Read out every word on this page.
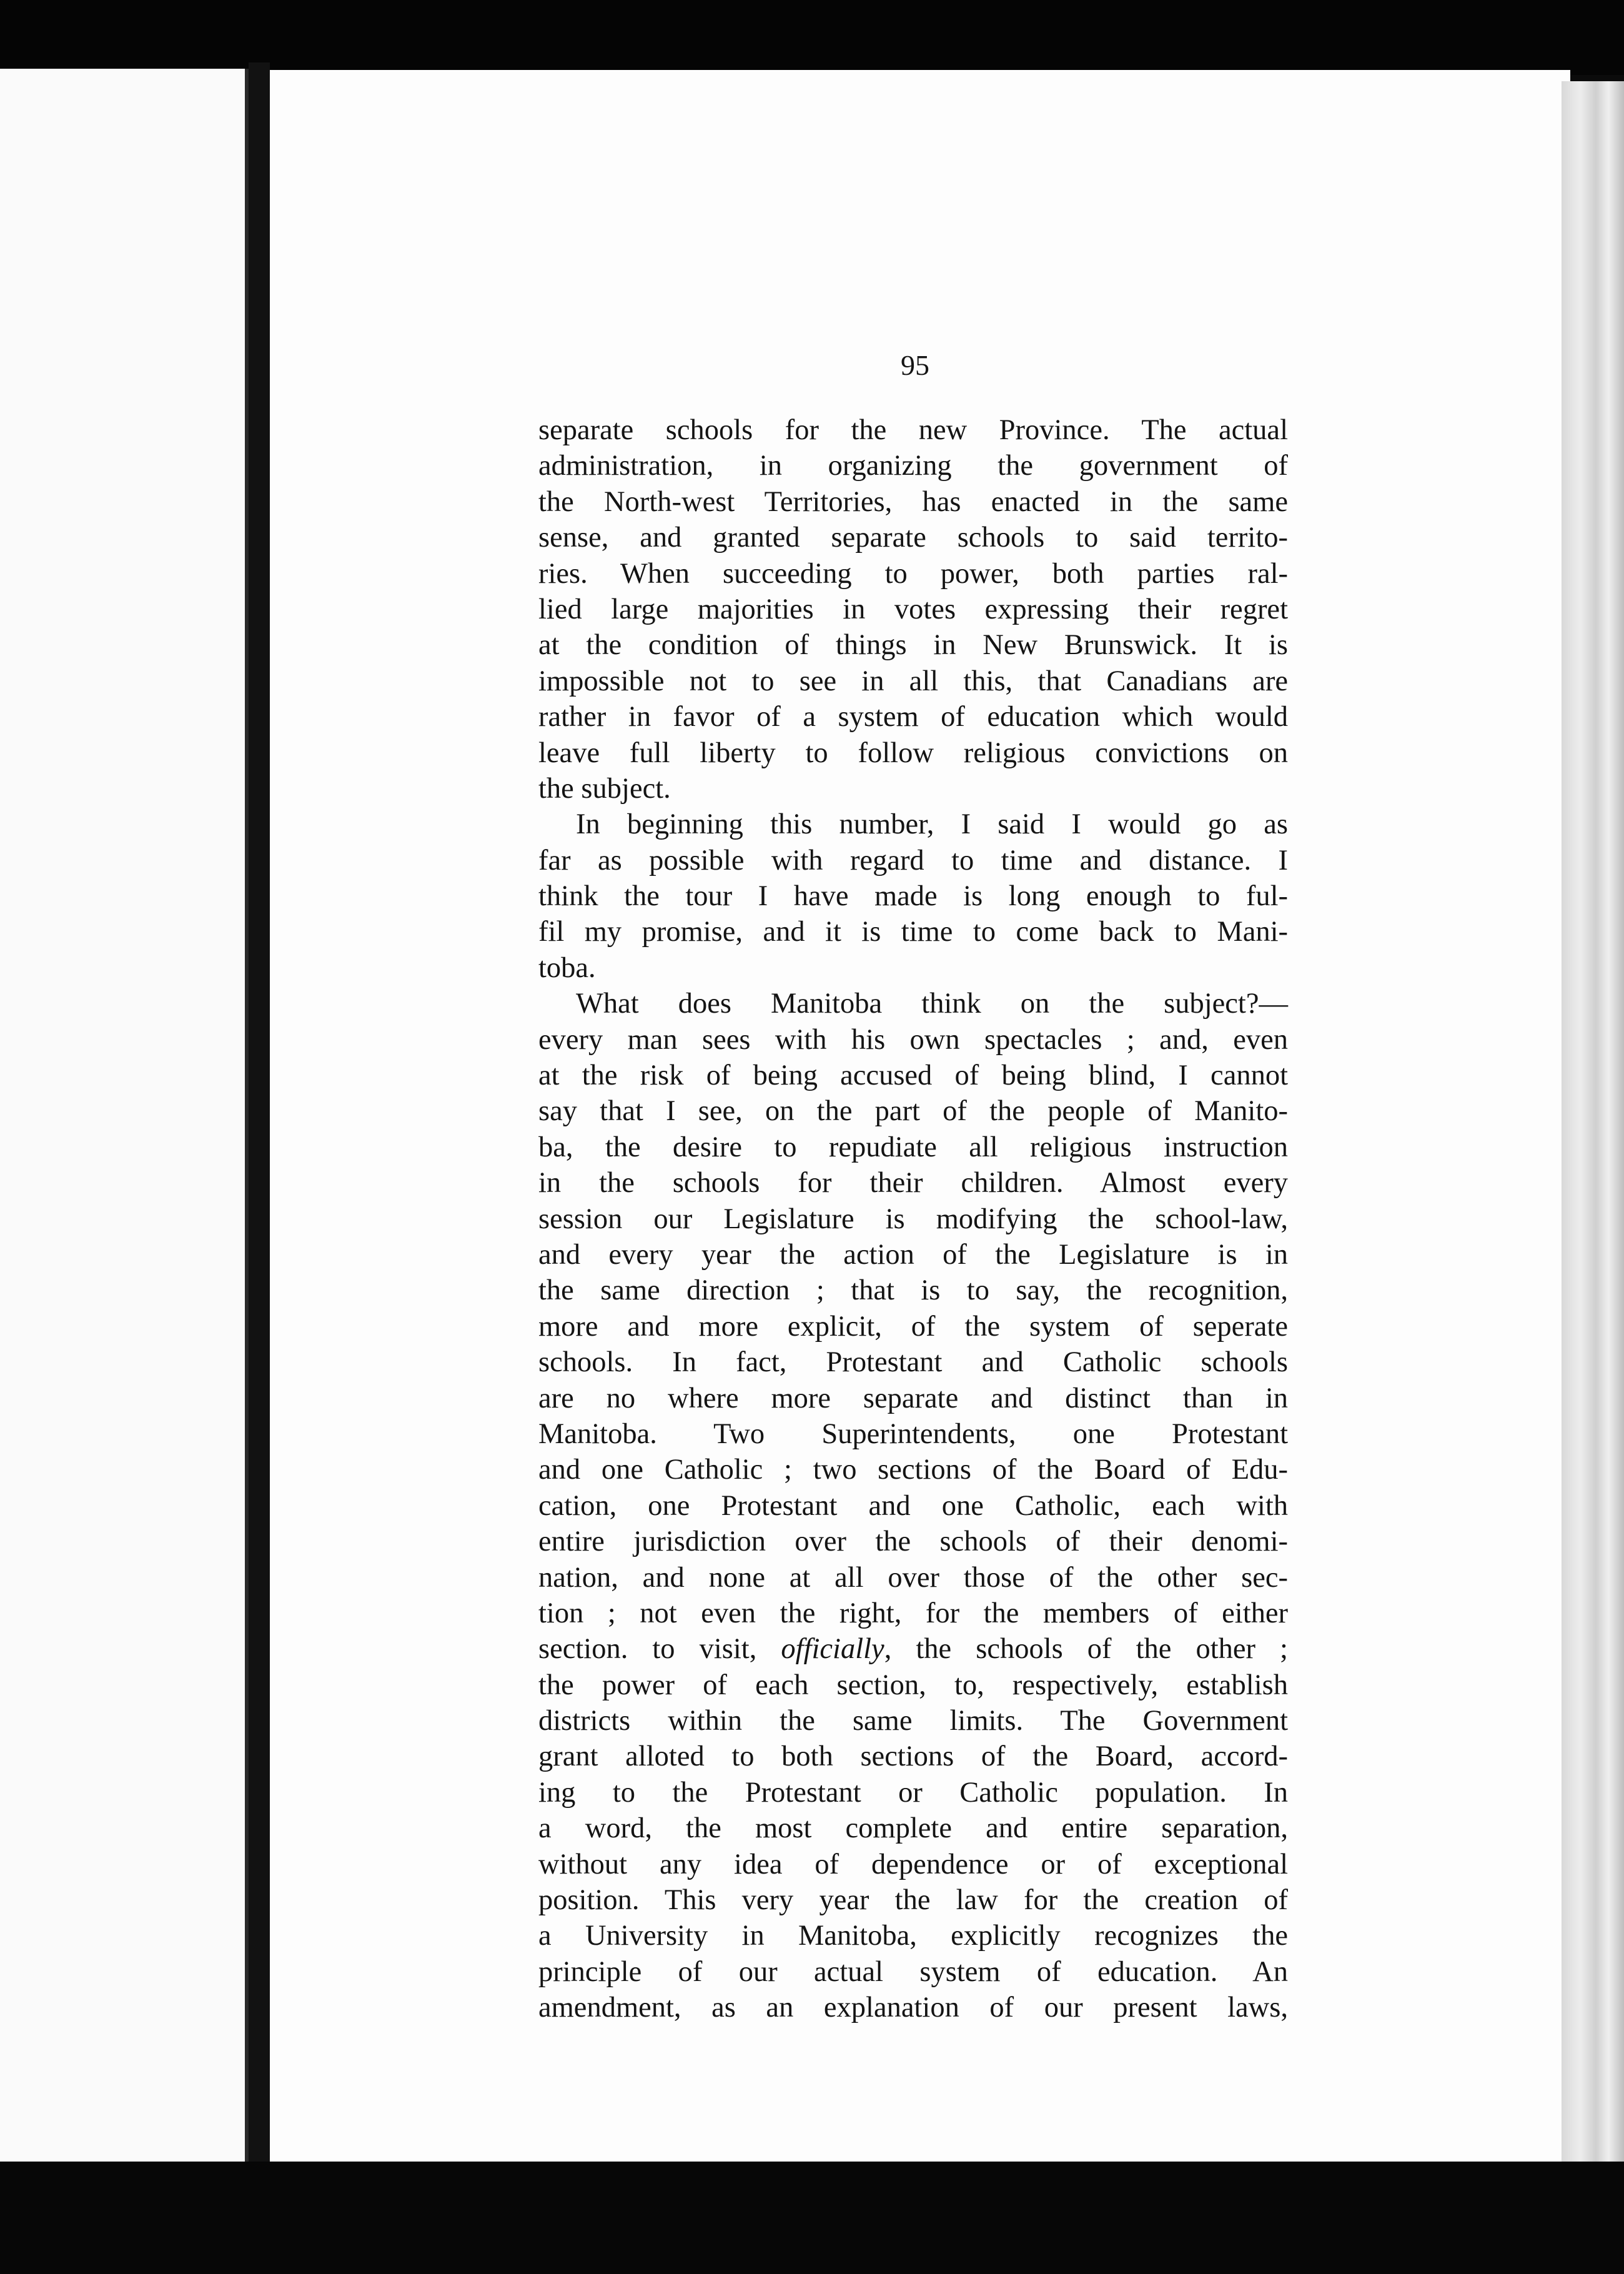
95
separate schools for the new Province. The actual
administration, in organizing the government of
the North-west Territories, has enacted in the same
sense, and granted separate schools to said territo-
ries. When succeeding to power, both parties ral-
lied large majorities in votes expressing their regret
at the condition of things in New Brunswick. It is
impossible not to see in all this, that Canadians are
rather in favor of a system of education which would
leave full liberty to follow religious convictions on
the subject.
In beginning this number, I said I would go as
far as possible with regard to time and distance. I
think the tour I have made is long enough to ful-
fil my promise, and it is time to come back to Mani-
toba.
What does Manitoba think on the subject?—
every man sees with his own spectacles ; and, even
at the risk of being accused of being blind, I cannot
say that I see, on the part of the people of Manito-
ba, the desire to repudiate all religious instruction
in the schools for their children. Almost every
session our Legislature is modifying the school-law,
and every year the action of the Legislature is in
the same direction ; that is to say, the recognition,
more and more explicit, of the system of seperate
schools. In fact, Protestant and Catholic schools
are no where more separate and distinct than in
Manitoba. Two Superintendents, one Protestant
and one Catholic ; two sections of the Board of Edu-
cation, one Protestant and one Catholic, each with
entire jurisdiction over the schools of their denomi-
nation, and none at all over those of the other sec-
tion ; not even the right, for the members of either
section. to visit, officially, the schools of the other ;
the power of each section, to, respectively, establish
districts within the same limits. The Government
grant alloted to both sections of the Board, accord-
ing to the Protestant or Catholic population. In
a word, the most complete and entire separation,
without any idea of dependence or of exceptional
position. This very year the law for the creation of
a University in Manitoba, explicitly recognizes the
principle of our actual system of education. An
amendment, as an explanation of our present laws,
